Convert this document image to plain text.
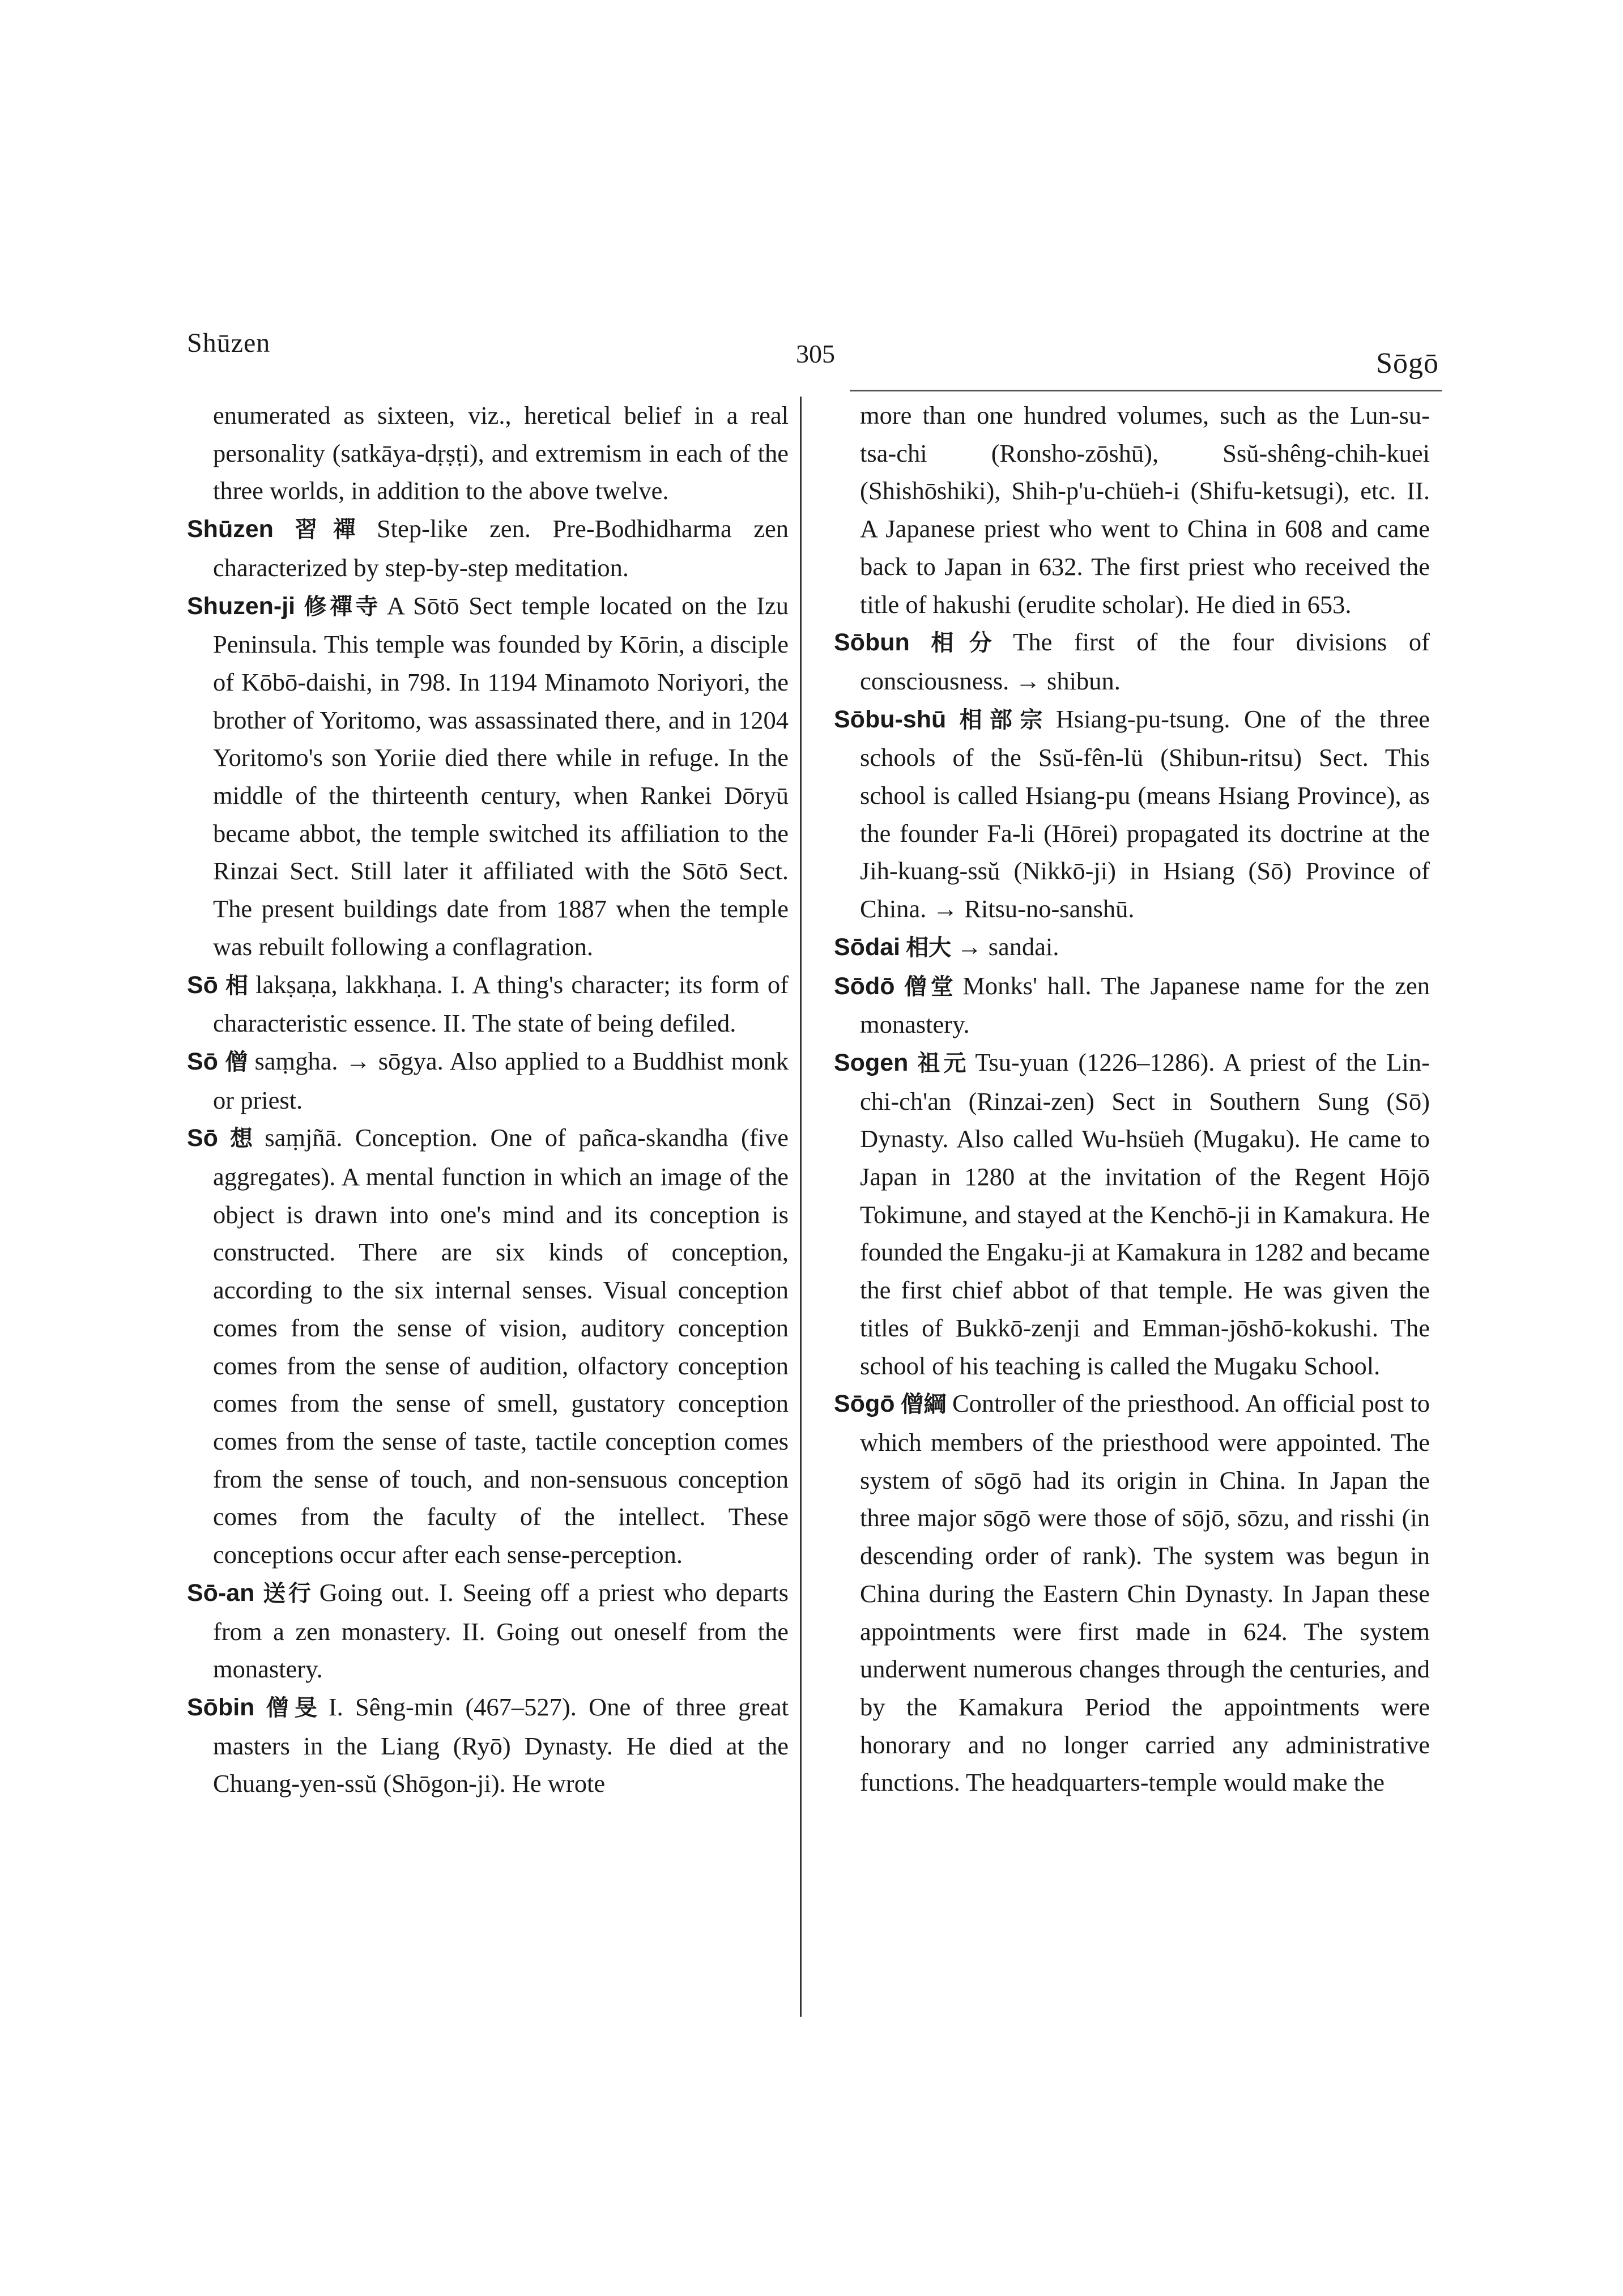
Shūzen	305	Sōgō
enumerated as sixteen, viz., heretical belief in a real personality (satkāya-dṛṣṭi), and extremism in each of the three worlds, in addition to the above twelve.
Shūzen 習禪 Step-like zen. Pre-Bodhidharma zen characterized by step-by-step meditation.
Shuzen-ji 修禪寺 A Sōtō Sect temple located on the Izu Peninsula. This temple was founded by Kōrin, a disciple of Kōbō-daishi, in 798. In 1194 Minamoto Noriyori, the brother of Yoritomo, was assassinated there, and in 1204 Yoritomo's son Yoriie died there while in refuge. In the middle of the thirteenth century, when Rankei Dōryū became abbot, the temple switched its affiliation to the Rinzai Sect. Still later it affiliated with the Sōtō Sect. The present buildings date from 1887 when the temple was rebuilt following a conflagration.
Sō 相 lakṣaṇa, lakkhaṇa. I. A thing's character; its form of characteristic essence. II. The state of being defiled.
Sō 僧 saṃgha. → sōgya. Also applied to a Buddhist monk or priest.
Sō 想 saṃjñā. Conception. One of pañca-skandha (five aggregates). A mental function in which an image of the object is drawn into one's mind and its conception is constructed. There are six kinds of conception, according to the six internal senses. Visual conception comes from the sense of vision, auditory conception comes from the sense of audition, olfactory conception comes from the sense of smell, gustatory conception comes from the sense of taste, tactile conception comes from the sense of touch, and non-sensuous conception comes from the faculty of the intellect. These conceptions occur after each sense-perception.
Sō-an 送行 Going out. I. Seeing off a priest who departs from a zen monastery. II. Going out oneself from the monastery.
Sōbin 僧旻 I. Sêng-min (467–527). One of three great masters in the Liang (Ryō) Dynasty. He died at the Chuang-yen-ssŭ (Shōgon-ji). He wrote
more than one hundred volumes, such as the Lun-su-tsa-chi (Ronsho-zōshū), Ssŭ-shêng-chih-kuei (Shishōshiki), Shih-p'u-chüeh-i (Shifu-ketsugi), etc. II. A Japanese priest who went to China in 608 and came back to Japan in 632. The first priest who received the title of hakushi (erudite scholar). He died in 653.
Sōbun 相分 The first of the four divisions of consciousness. → shibun.
Sōbu-shū 相部宗 Hsiang-pu-tsung. One of the three schools of the Ssŭ-fên-lü (Shibun-ritsu) Sect. This school is called Hsiang-pu (means Hsiang Province), as the founder Fa-li (Hōrei) propagated its doctrine at the Jih-kuang-ssŭ (Nikkō-ji) in Hsiang (Sō) Province of China. → Ritsu-no-sanshū.
Sōdai 相大 → sandai.
Sōdō 僧堂 Monks' hall. The Japanese name for the zen monastery.
Sogen 祖元 Tsu-yuan (1226–1286). A priest of the Lin-chi-ch'an (Rinzai-zen) Sect in Southern Sung (Sō) Dynasty. Also called Wu-hsüeh (Mugaku). He came to Japan in 1280 at the invitation of the Regent Hōjō Tokimune, and stayed at the Kenchō-ji in Kamakura. He founded the Engaku-ji at Kamakura in 1282 and became the first chief abbot of that temple. He was given the titles of Bukkō-zenji and Emman-jōshō-kokushi. The school of his teaching is called the Mugaku School.
Sōgō 僧綱 Controller of the priesthood. An official post to which members of the priesthood were appointed. The system of sōgō had its origin in China. In Japan the three major sōgō were those of sōjō, sōzu, and risshi (in descending order of rank). The system was begun in China during the Eastern Chin Dynasty. In Japan these appointments were first made in 624. The system underwent numerous changes through the centuries, and by the Kamakura Period the appointments were honorary and no longer carried any administrative functions. The headquarters-temple would make the
